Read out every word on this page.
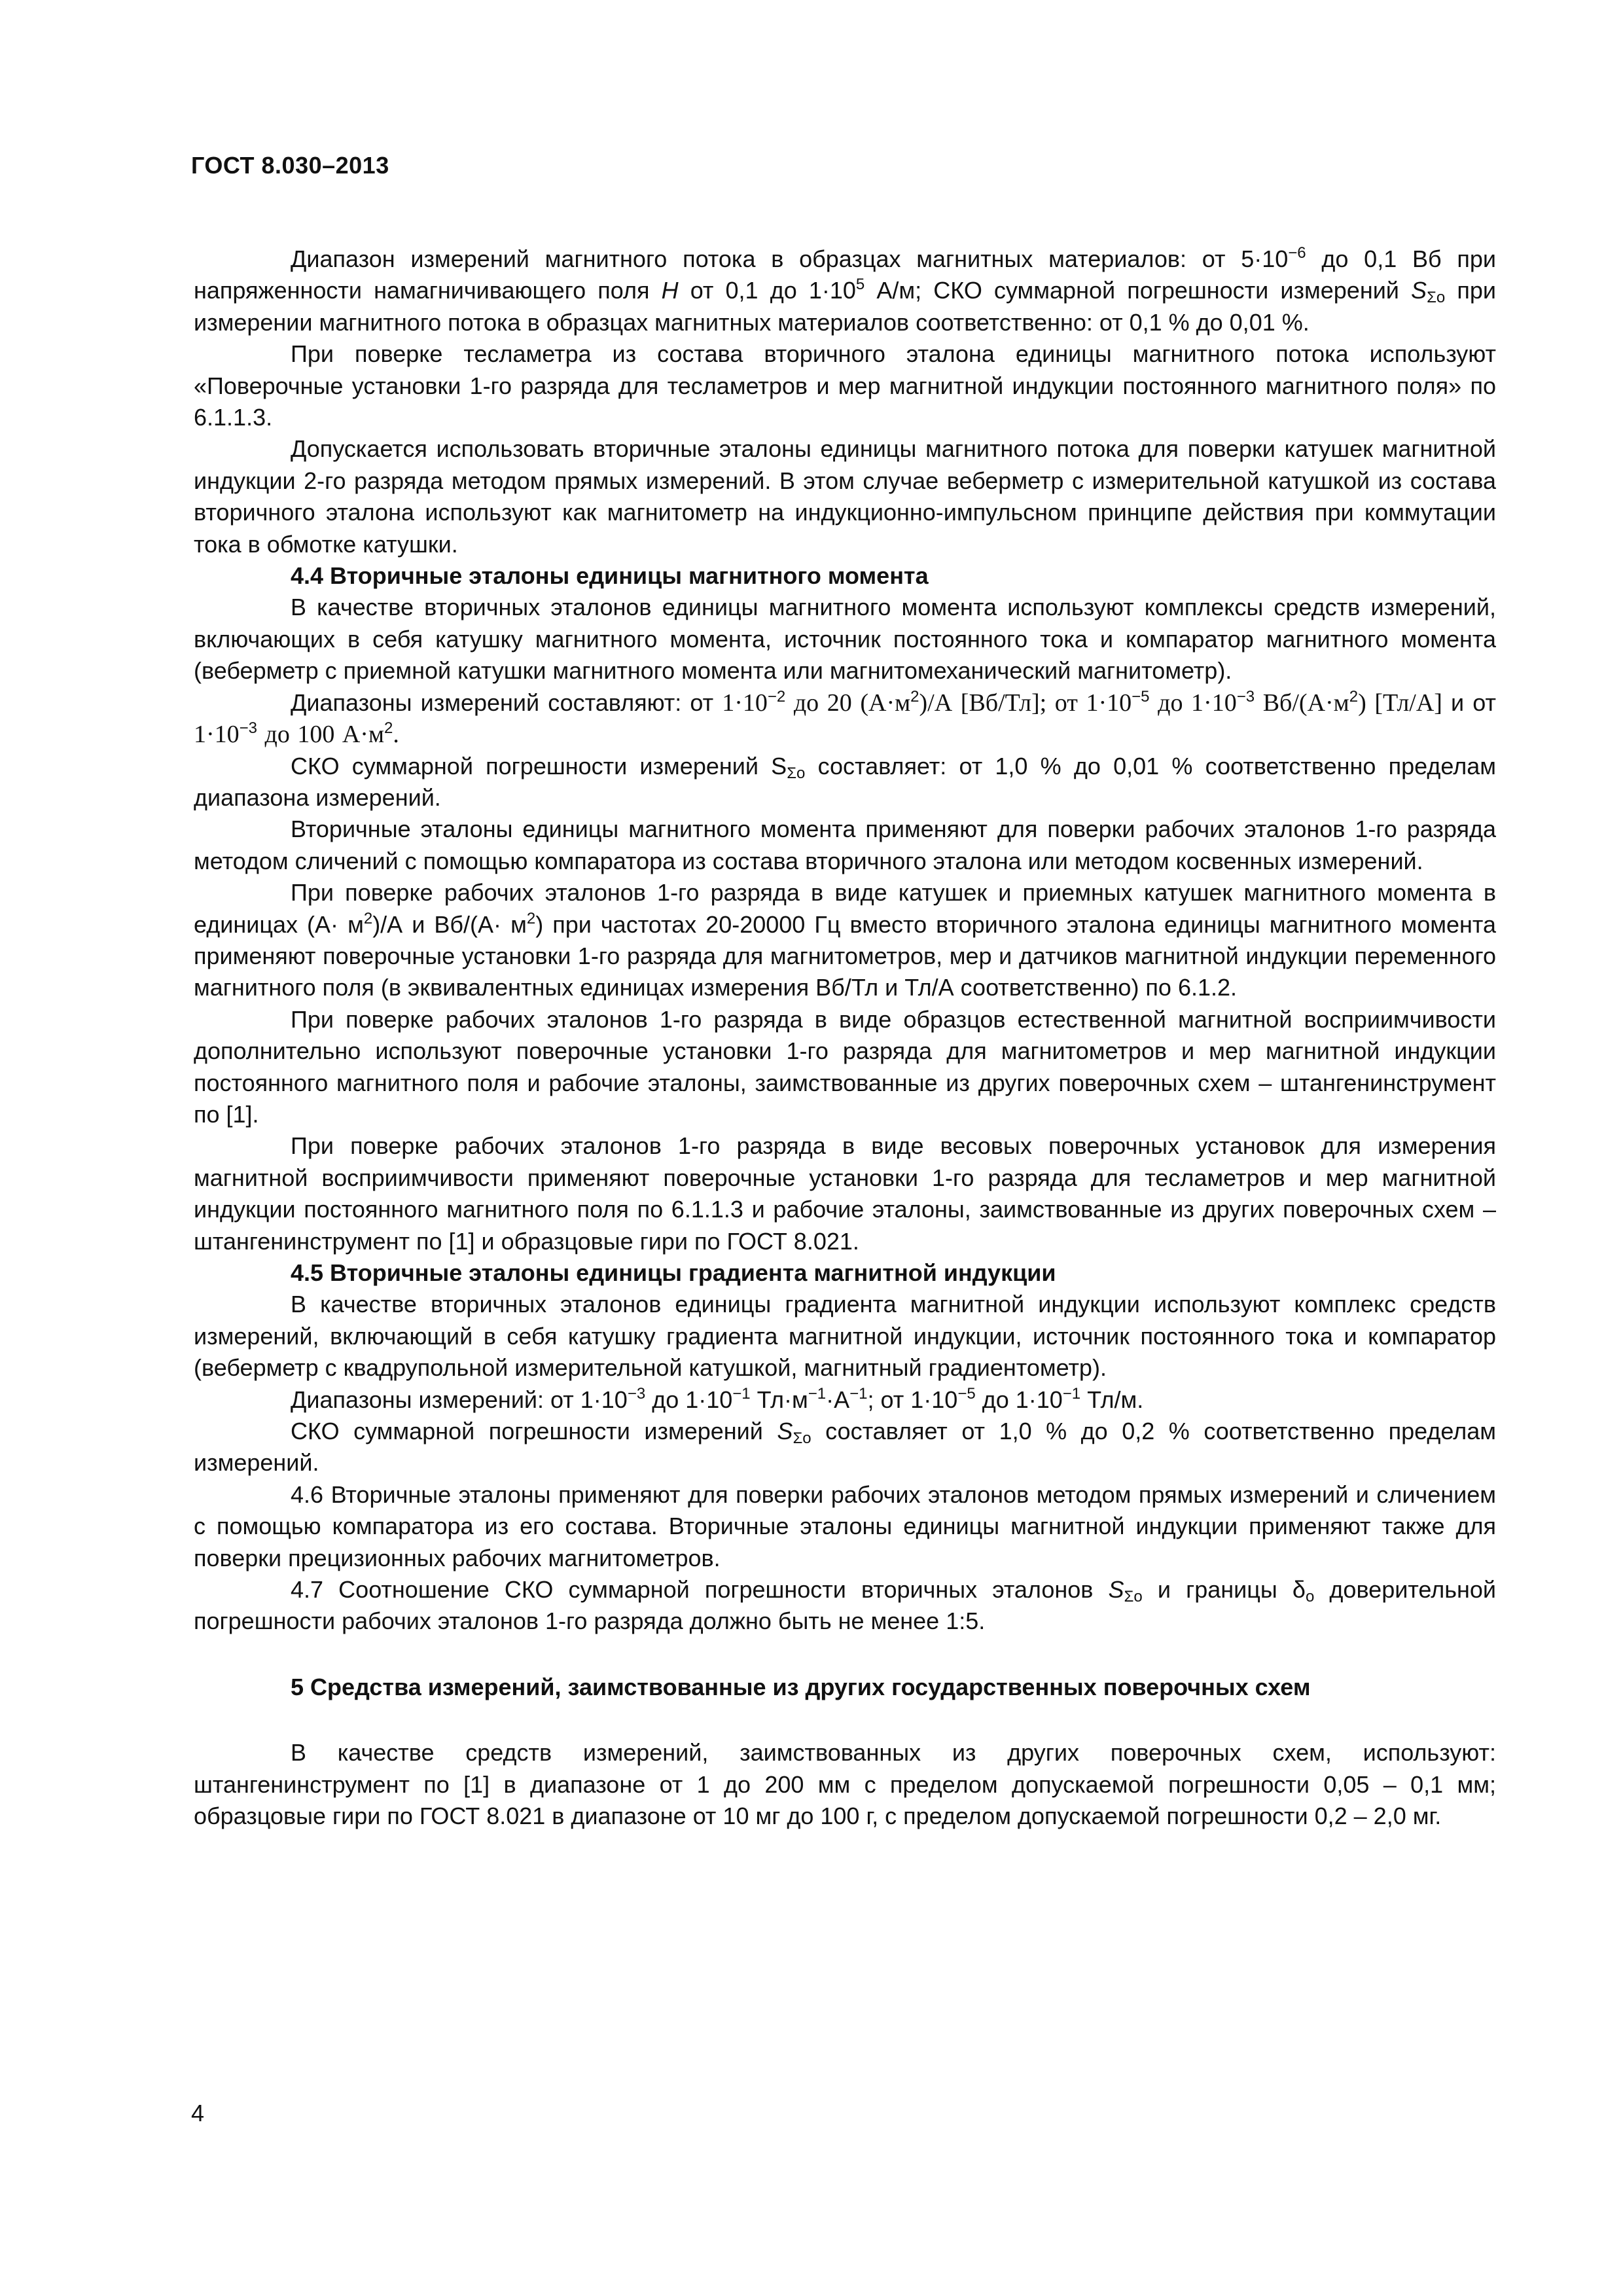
ГОСТ 8.030–2013

Диапазон измерений магнитного потока в образцах магнитных материалов: от $5\cdot 10^{-6}$ до 0,1 Вб при напряженности намагничивающего поля H от 0,1 до $1\cdot 10^5$ А/м; СКО суммарной погрешности измерений $S_{\Sigma о}$ при измерении магнитного потока в образцах магнитных материалов соответственно: от 0,1 % до 0,01 %.

При поверке тесламетра из состава вторичного эталона единицы магнитного потока используют «Поверочные установки 1-го разряда для тесламетров и мер магнитной индукции постоянного магнитного поля» по 6.1.1.3.

Допускается использовать вторичные эталоны единицы магнитного потока для поверки катушек магнитной индукции 2-го разряда методом прямых измерений. В этом случае веберметр с измерительной катушкой из состава вторичного эталона используют как магнитометр на индукционно-импульсном принципе действия при коммутации тока в обмотке катушки.

4.4 Вторичные эталоны единицы магнитного момента

В качестве вторичных эталонов единицы магнитного момента используют комплексы средств измерений, включающих в себя катушку магнитного момента, источник постоянного тока и компаратор магнитного момента (веберметр с приемной катушки магнитного момента или магнитомеханический магнитометр).

Диапазоны измерений составляют: от $1\cdot 10^{-2}$ до 20 $(А\cdot м^2)/А$ [Вб/Тл]; от $1\cdot 10^{-5}$ до $1\cdot 10^{-3}$ $Вб/(А\cdot м^2)$ [Тл/А] и от $1\cdot 10^{-3}$ до 100 $А\cdot м^2$.

СКО суммарной погрешности измерений $S_{\Sigma о}$ составляет: от 1,0 % до 0,01 % соответственно пределам диапазона измерений.

Вторичные эталоны единицы магнитного момента применяют для поверки рабочих эталонов 1-го разряда методом сличений с помощью компаратора из состава вторичного эталона или методом косвенных измерений.

При поверке рабочих эталонов 1-го разряда в виде катушек и приемных катушек магнитного момента в единицах $(А\cdot м^2)/А$ и $Вб/(А\cdot м^2)$ при частотах 20-20000 Гц вместо вторичного эталона единицы магнитного момента применяют поверочные установки 1-го разряда для магнитометров, мер и датчиков магнитной индукции переменного магнитного поля (в эквивалентных единицах измерения Вб/Тл и Тл/А соответственно) по 6.1.2.

При поверке рабочих эталонов 1-го разряда в виде образцов естественной магнитной восприимчивости дополнительно используют поверочные установки 1-го разряда для магнитометров и мер магнитной индукции постоянного магнитного поля и рабочие эталоны, заимствованные из других поверочных схем – штангенинструмент по [1].

При поверке рабочих эталонов 1-го разряда в виде весовых поверочных установок для измерения магнитной восприимчивости применяют поверочные установки 1-го разряда для тесламетров и мер магнитной индукции постоянного магнитного поля по 6.1.1.3 и рабочие эталоны, заимствованные из других поверочных схем – штангенинструмент по [1] и образцовые гири по ГОСТ 8.021.

4.5 Вторичные эталоны единицы градиента магнитной индукции

В качестве вторичных эталонов единицы градиента магнитной индукции используют комплекс средств измерений, включающий в себя катушку градиента магнитной индукции, источник постоянного тока и компаратор (веберметр с квадрупольной измерительной катушкой, магнитный градиентометр).

Диапазоны измерений: от $1\cdot 10^{-3}$ до $1\cdot 10^{-1}$ $Тл\cdot м^{-1}\cdot А^{-1}$; от $1\cdot 10^{-5}$ до $1\cdot 10^{-1}$ Тл/м.

СКО суммарной погрешности измерений $S_{\Sigma о}$ составляет от 1,0 % до 0,2 % соответственно пределам измерений.

4.6 Вторичные эталоны применяют для поверки рабочих эталонов методом прямых измерений и сличением с помощью компаратора из его состава. Вторичные эталоны единицы магнитной индукции применяют также для поверки прецизионных рабочих магнитометров.

4.7 Соотношение СКО суммарной погрешности вторичных эталонов $S_{\Sigma о}$ и границы $\delta_о$ доверительной погрешности рабочих эталонов 1-го разряда должно быть не менее 1:5.

5 Средства измерений, заимствованные из других государственных поверочных схем

В качестве средств измерений, заимствованных из других поверочных схем, используют: штангенинструмент по [1] в диапазоне от 1 до 200 мм с пределом допускаемой погрешности 0,05 – 0,1 мм; образцовые гири по ГОСТ 8.021 в диапазоне от 10 мг до 100 г, с пределом допускаемой погрешности 0,2 – 2,0 мг.

4
